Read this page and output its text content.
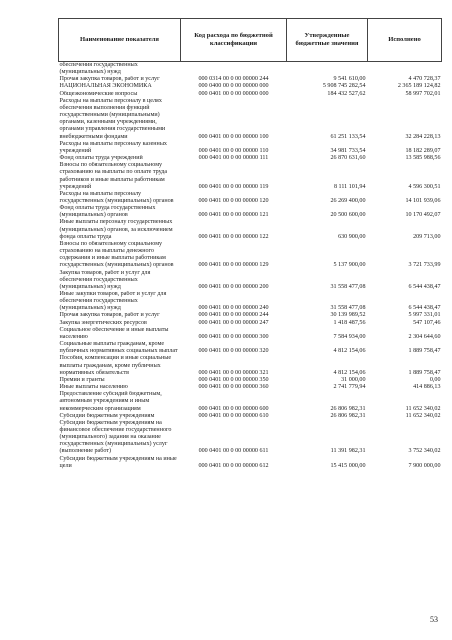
Наименование показателя	Код расхода по бюджетной классификации	Утвержденные бюджетные значения	Исполнено
обеспечения государственных (муниципальных) нужд			
Прочая закупка товаров, работ и услуг	000 0314 00 0 00 00000 244	9 541 610,00	4 470 728,37
НАЦИОНАЛЬНАЯ ЭКОНОМИКА	000 0400 00 0 00 00000 000	5 908 745 282,54	2 365 189 124,82
Общеэкономические вопросы	000 0401 00 0 00 00000 000	184 432 527,62	58 997 702,01
Расходы на выплаты персоналу в целях обеспечения выполнения функций государственными (муниципальными) органами, казенными учреждениями, органами управления государственными внебюджетными фондами	000 0401 00 0 00 00000 100	61 251 133,54	32 284 228,13
Расходы на выплаты персоналу казенных учреждений	000 0401 00 0 00 00000 110	34 981 733,54	18 182 289,07
Фонд оплаты труда учреждений	000 0401 00 0 00 00000 111	26 870 631,60	13 585 988,56
Взносы по обязательному социальному страхованию на выплаты по оплате труда работников и иные выплаты работникам учреждений	000 0401 00 0 00 00000 119	8 111 101,94	4 596 300,51
Расходы на выплаты персоналу государственных (муниципальных) органов	000 0401 00 0 00 00000 120	26 269 400,00	14 101 939,06
Фонд оплаты труда государственных (муниципальных) органов	000 0401 00 0 00 00000 121	20 500 600,00	10 170 492,07
Иные выплаты персоналу государственных (муниципальных) органов, за исключением фонда оплаты труда	000 0401 00 0 00 00000 122	630 900,00	209 713,00
Взносы по обязательному социальному страхованию на выплаты денежного содержания и иные выплаты работникам государственных (муниципальных) органов	000 0401 00 0 00 00000 129	5 137 900,00	3 721 733,99
Закупка товаров, работ и услуг для обеспечения государственных (муниципальных) нужд	000 0401 00 0 00 00000 200	31 558 477,08	6 544 438,47
Иные закупки товаров, работ и услуг для обеспечения государственных (муниципальных) нужд	000 0401 00 0 00 00000 240	31 558 477,08	6 544 438,47
Прочая закупка товаров, работ и услуг	000 0401 00 0 00 00000 244	30 139 989,52	5 997 331,01
Закупка энергетических ресурсов	000 0401 00 0 00 00000 247	1 418 487,56	547 107,46
Социальное обеспечение и иные выплаты населению	000 0401 00 0 00 00000 300	7 584 934,00	2 304 644,60
Социальные выплаты гражданам, кроме публичных нормативных социальных выплат	000 0401 00 0 00 00000 320	4 812 154,06	1 889 758,47
Пособия, компенсации и иные социальные выплаты гражданам, кроме публичных нормативных обязательств	000 0401 00 0 00 00000 321	4 812 154,06	1 889 758,47
Премии и гранты	000 0401 00 0 00 00000 350	31 000,00	0,00
Иные выплаты населению	000 0401 00 0 00 00000 360	2 741 779,94	414 886,13
Предоставление субсидий бюджетным, автономным учреждениям и иным некоммерческим организациям	000 0401 00 0 00 00000 600	26 806 982,31	11 652 340,02
Субсидии бюджетным учреждениям	000 0401 00 0 00 00000 610	26 806 982,31	11 652 340,02
Субсидии бюджетным учреждениям на финансовое обеспечение государственного (муниципального) задания на оказание государственных (муниципальных) услуг (выполнение работ)	000 0401 00 0 00 00000 611	11 391 982,31	3 752 340,02
Субсидии бюджетным учреждениям на иные цели	000 0401 00 0 00 00000 612	15 415 000,00	7 900 000,00
53
